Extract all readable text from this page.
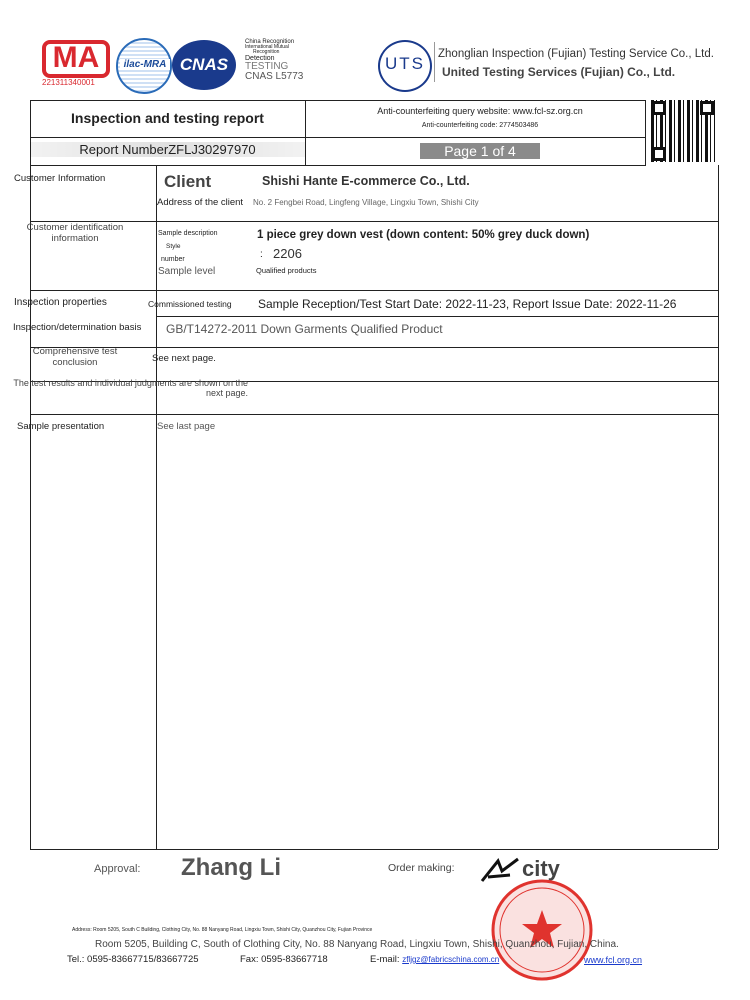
MA
221311340001
ilac-MRA CNAS
China Recognition
International Mutual
Recognition
Detection
TESTING
CNAS L5773
UTS	Zhonglian Inspection (Fujian) Testing Service Co., Ltd.
United Testing Services (Fujian) Co., Ltd.
Inspection and testing report
Report NumberZFLJ30297970
Anti-counterfeiting query website: www.fcl-sz.org.cn
Anti-counterfeiting code: 2774503486
Page 1 of 4
Customer Information	Client	Shishi Hante E-commerce Co., Ltd.
Address of the client No. 2 Fengbei Road, Lingfeng Village, Lingxiu Town, Shishi City
Customer identification information	Sample description	1 piece grey down vest (down content: 50% grey duck down)
Style
number	: 2206
Sample level	Qualified products
Inspection properties	Commissioned testing Sample Reception/Test Start Date: 2022-11-23, Report Issue Date: 2022-11-26
Inspection/determination basis GB/T14272-2011 Down Garments Qualified Product
Comprehensive test conclusion	See next page.
The test results and individual judgments are shown on the next page.
Sample presentation	See last page
Approval: Zhang Li	Order making:	city
Address: Room 5205, South C Building, Clothing City, No. 88 Nanyang Road, Lingxiu Town, Shishi City, Quanzhou City, Fujian Province
Room 5205, Building C, South of Clothing City, No. 88 Nanyang Road, Lingxiu Town, Shishi, Quanzhou, Fujian, China.
Tel.: 0595-83667715/83667725	Fax: 0595-83667718	E-mail: zfljgz@fabricschina.com.cn	www.fcl.org.cn
